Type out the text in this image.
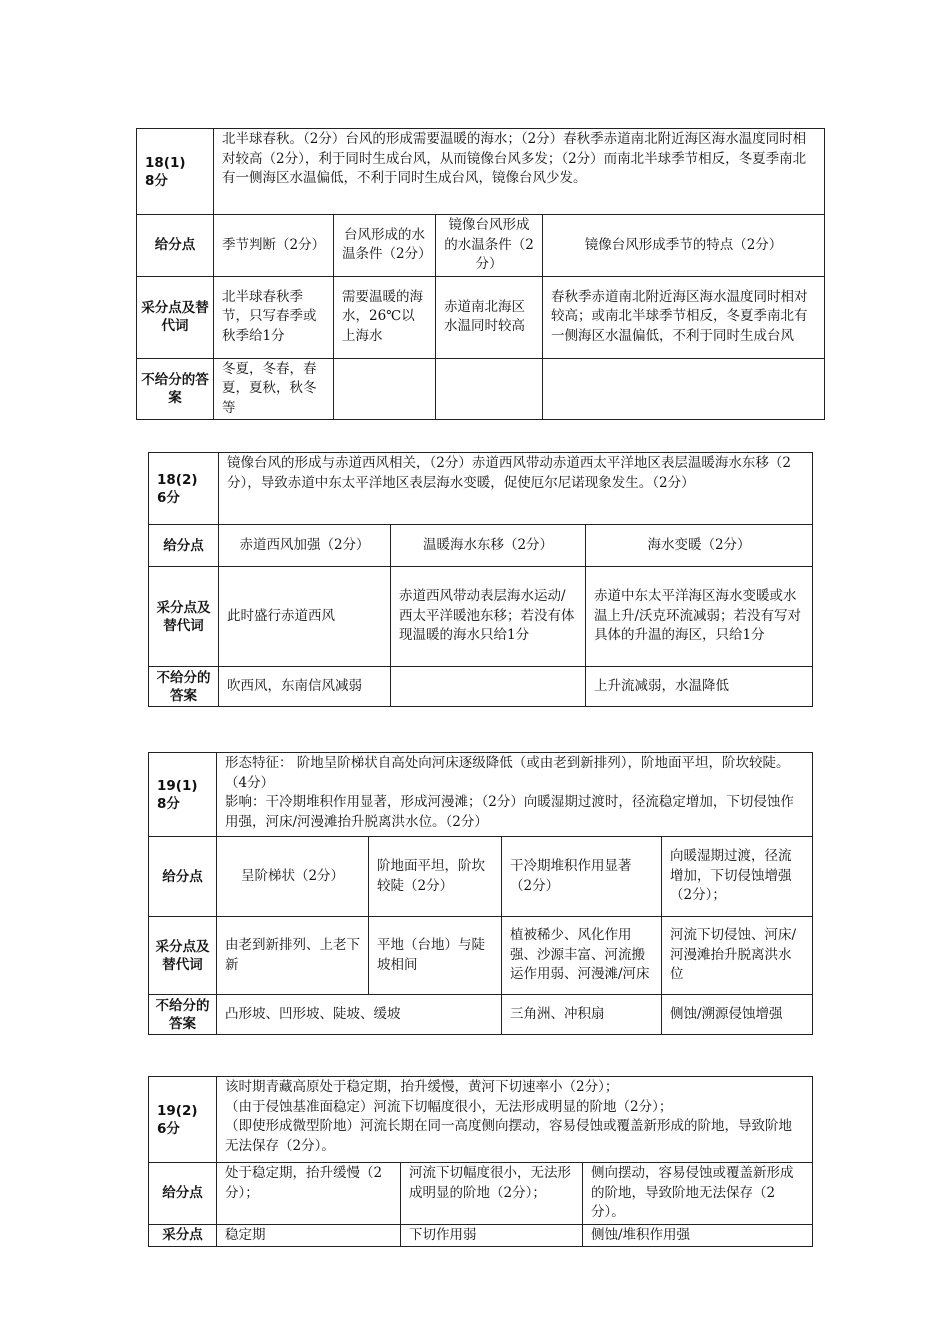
18(1)
8分	北半球春秋。（2分）台风的形成需要温暖的海水；（2分）春秋季赤道南北附近海区海水温度同时相对较高（2分），利于同时生成台风，从而镜像台风多发；（2分）而南北半球季节相反，冬夏季南北有一侧海区水温偏低，不利于同时生成台风，镜像台风少发。			
给分点	季节判断（2分）	台风形成的水温条件（2分）	镜像台风形成的水温条件（2分）	镜像台风形成季节的特点（2分）
采分点及替代词	北半球春秋季节，只写春季或秋季给1分	需要温暖的海水，26℃以上海水	赤道南北海区水温同时较高	春秋季赤道南北附近海区海水温度同时相对较高；或南北半球季节相反，冬夏季南北有一侧海区水温偏低，不利于同时生成台风
不给分的答案	冬夏，冬春，春夏，夏秋，秋冬等			
18(2)
6分	镜像台风的形成与赤道西风相关，（2分）赤道西风带动赤道西太平洋地区表层温暖海水东移（2分），导致赤道中东太平洋地区表层海水变暖，促使厄尔尼诺现象发生。（2分）		
给分点	赤道西风加强（2分）	温暖海水东移（2分）	海水变暖（2分）
采分点及替代词	此时盛行赤道西风	赤道西风带动表层海水运动/西太平洋暖池东移；若没有体现温暖的海水只给1分	赤道中东太平洋海区海水变暖或水温上升/沃克环流减弱；若没有写对具体的升温的海区，只给1分
不给分的答案	吹西风，东南信风减弱		上升流减弱，水温降低
19(1)
8分	形态特征： 阶地呈阶梯状自高处向河床逐级降低（或由老到新排列），阶地面平坦，阶坎较陡。（4分）
影响：干冷期堆积作用显著，形成河漫滩；（2分）向暖湿期过渡时，径流稳定增加，下切侵蚀作用强，河床/河漫滩抬升脱离洪水位。（2分）			

给分点	呈阶梯状（2分）	阶地面平坦，阶坎较陡（2分）	干冷期堆积作用显著（2分）	向暖湿期过渡，径流增加，下切侵蚀增强（2分）；
采分点及替代词	由老到新排列、上老下新	平地（台地）与陡坡相间	植被稀少、风化作用强、沙源丰富、河流搬运作用弱、河漫滩/河床	河流下切侵蚀、河床/河漫滩抬升脱离洪水位
不给分的答案	凸形坡、凹形坡、陡坡、缓坡		三角洲、冲积扇	侧蚀/溯源侵蚀增强
19(2)
6分	该时期青藏高原处于稳定期，抬升缓慢，黄河下切速率小（2分）；
（由于侵蚀基准面稳定）河流下切幅度很小，无法形成明显的阶地（2分）；
（即使形成微型阶地）河流长期在同一高度侧向摆动，容易侵蚀或覆盖新形成的阶地，导致阶地无法保存（2分）。		

给分点	处于稳定期，抬升缓慢（2分）；	河流下切幅度很小，无法形成明显的阶地（2分）；	侧向摆动，容易侵蚀或覆盖新形成的阶地，导致阶地无法保存（2分）。
采分点	稳定期	下切作用弱	侧蚀/堆积作用强
